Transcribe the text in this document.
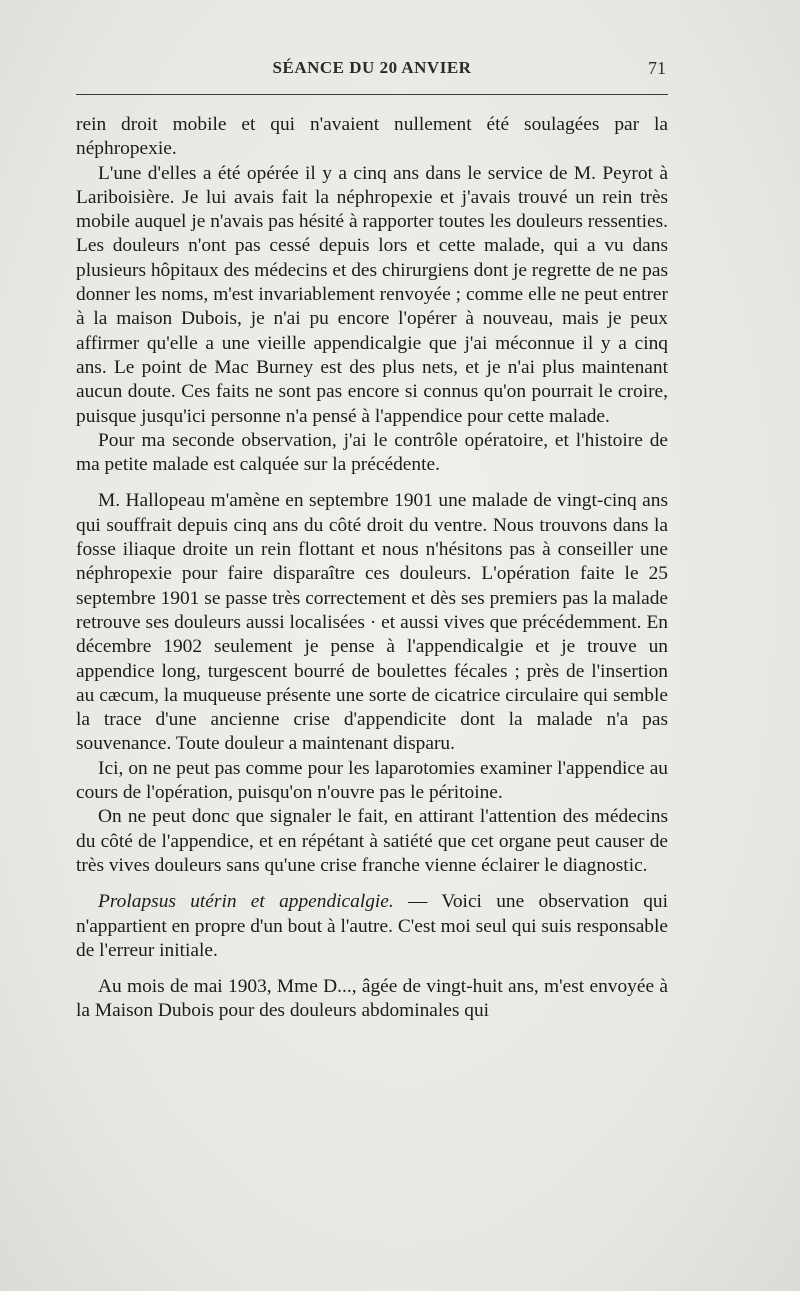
SÉANCE DU 20 ANVIER	71

rein droit mobile et qui n'avaient nullement été soulagées par la néphropexie.

L'une d'elles a été opérée il y a cinq ans dans le service de M. Peyrot à Lariboisière. Je lui avais fait la néphropexie et j'avais trouvé un rein très mobile auquel je n'avais pas hésité à rapporter toutes les douleurs ressenties. Les douleurs n'ont pas cessé depuis lors et cette malade, qui a vu dans plusieurs hôpitaux des médecins et des chirurgiens dont je regrette de ne pas donner les noms, m'est invariablement renvoyée ; comme elle ne peut entrer à la maison Dubois, je n'ai pu encore l'opérer à nouveau, mais je peux affirmer qu'elle a une vieille appendicalgie que j'ai méconnue il y a cinq ans. Le point de Mac Burney est des plus nets, et je n'ai plus maintenant aucun doute. Ces faits ne sont pas encore si connus qu'on pourrait le croire, puisque jusqu'ici personne n'a pensé à l'appendice pour cette malade.

Pour ma seconde observation, j'ai le contrôle opératoire, et l'histoire de ma petite malade est calquée sur la précédente.

M. Hallopeau m'amène en septembre 1901 une malade de vingt-cinq ans qui souffrait depuis cinq ans du côté droit du ventre. Nous trouvons dans la fosse iliaque droite un rein flottant et nous n'hésitons pas à conseiller une néphropexie pour faire disparaître ces douleurs. L'opération faite le 25 septembre 1901 se passe très correctement et dès ses premiers pas la malade retrouve ses douleurs aussi localisées · et aussi vives que précédemment. En décembre 1902 seulement je pense à l'appendicalgie et je trouve un appendice long, turgescent bourré de boulettes fécales ; près de l'insertion au cæcum, la muqueuse présente une sorte de cicatrice circulaire qui semble la trace d'une ancienne crise d'appendicite dont la malade n'a pas souvenance. Toute douleur a maintenant disparu.

Ici, on ne peut pas comme pour les laparotomies examiner l'appendice au cours de l'opération, puisqu'on n'ouvre pas le péritoine.

On ne peut donc que signaler le fait, en attirant l'attention des médecins du côté de l'appendice, et en répétant à satiété que cet organe peut causer de très vives douleurs sans qu'une crise franche vienne éclairer le diagnostic.

Prolapsus utérin et appendicalgie. — Voici une observation qui n'appartient en propre d'un bout à l'autre. C'est moi seul qui suis responsable de l'erreur initiale.

Au mois de mai 1903, Mme D..., âgée de vingt-huit ans, m'est envoyée à la Maison Dubois pour des douleurs abdominales qui
